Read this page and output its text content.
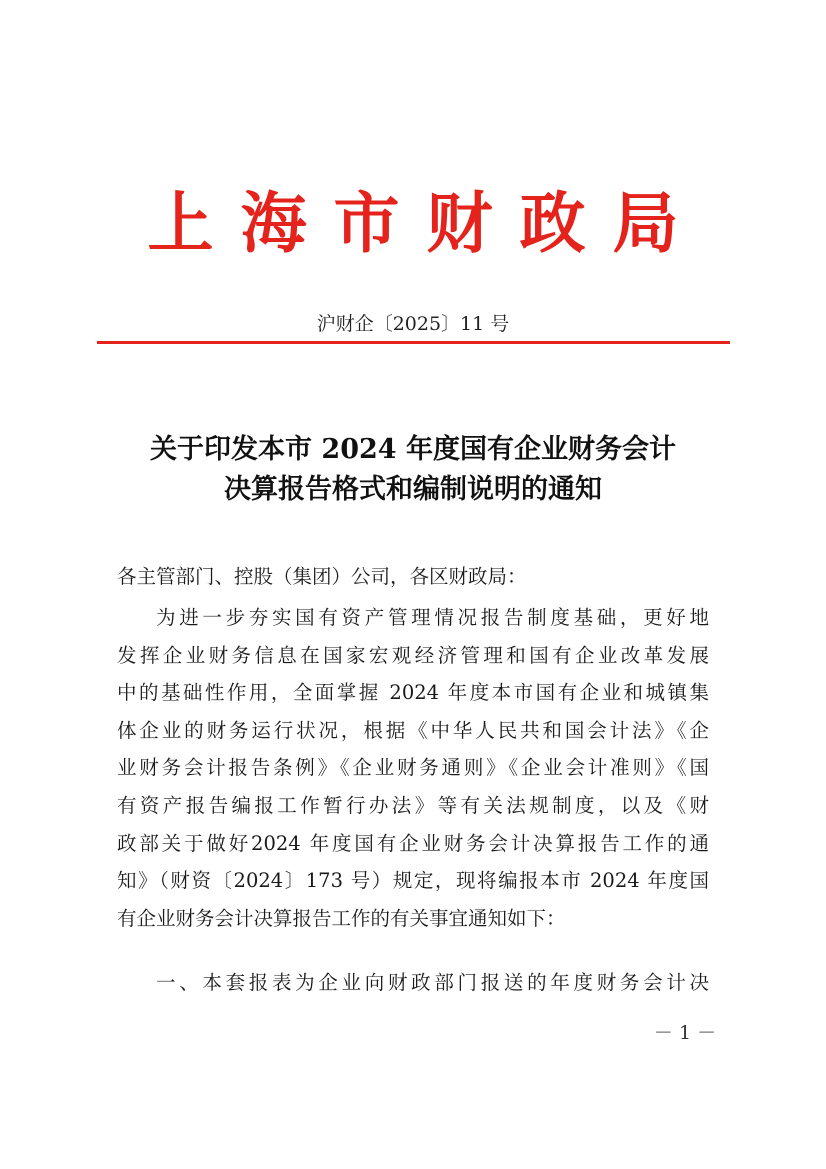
上海市财政局
沪财企〔2025〕11 号
关于印发本市 2024 年度国有企业财务会计
决算报告格式和编制说明的通知
各主管部门、控股（集团）公司，各区财政局：
为进一步夯实国有资产管理情况报告制度基础，更好地
发挥企业财务信息在国家宏观经济管理和国有企业改革发展
中的基础性作用，全面掌握 2024 年度本市国有企业和城镇集
体企业的财务运行状况，根据《中华人民共和国会计法》《企
业财务会计报告条例》《企业财务通则》《企业会计准则》《国
有资产报告编报工作暂行办法》等有关法规制度，以及《财
政部关于做好2024 年度国有企业财务会计决算报告工作的通
知》（财资〔2024〕173 号）规定，现将编报本市 2024 年度国
有企业财务会计决算报告工作的有关事宜通知如下：
一、本套报表为企业向财政部门报送的年度财务会计决
－ 1 －
